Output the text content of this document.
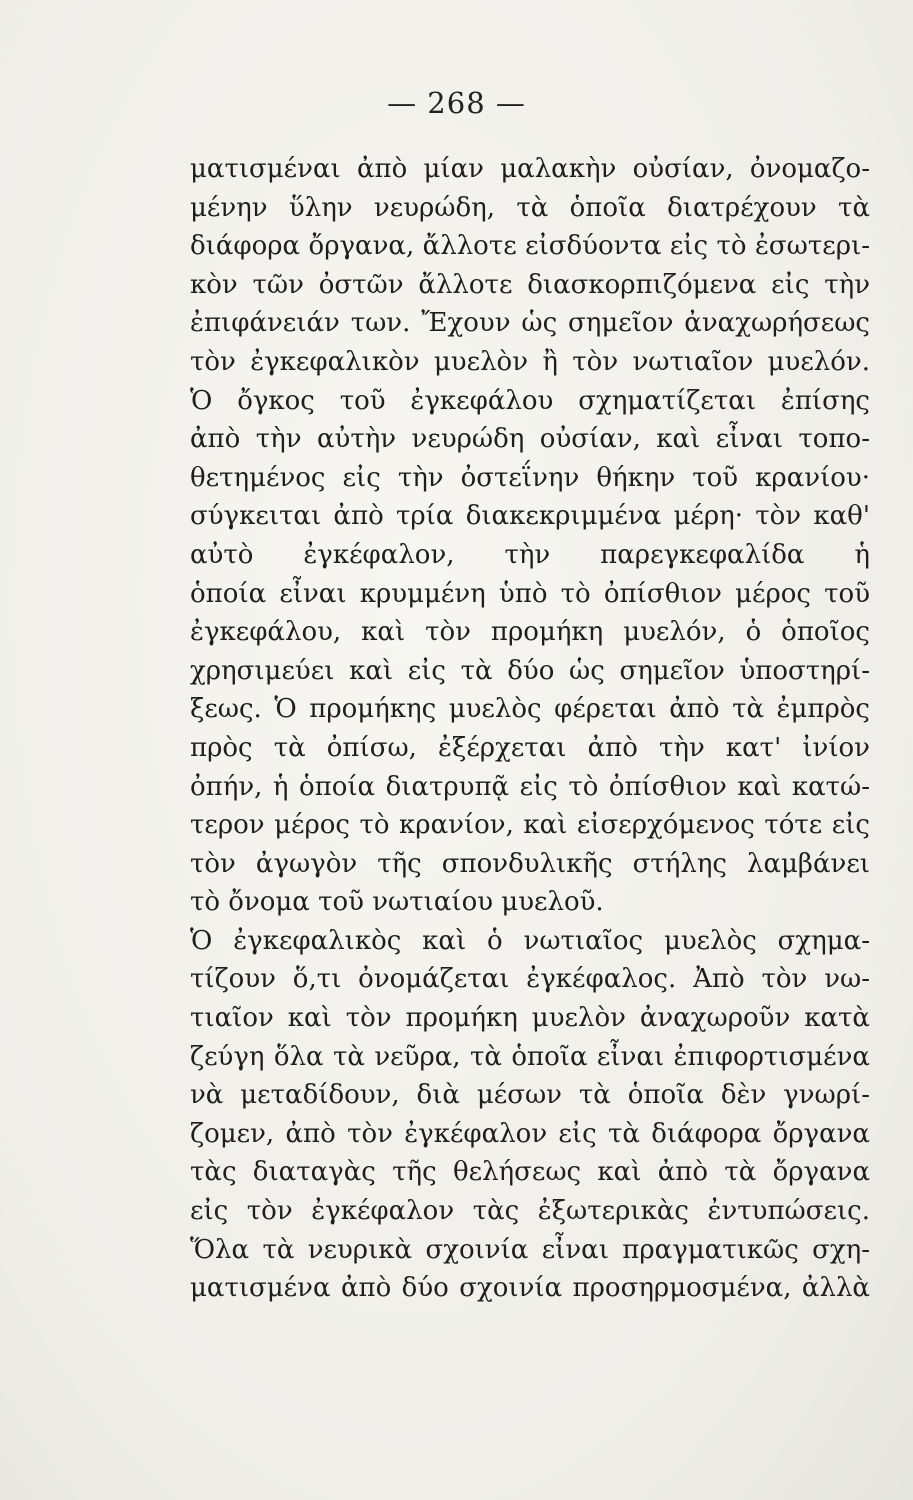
— 268 —
ματισμέναι ἀπὸ μίαν μαλακὴν οὐσίαν, ὀνομαζο-
μένην ὕλην νευρώδη, τὰ ὁποῖα διατρέχουν τὰ
διάφορα ὄργανα, ἄλλοτε εἰσδύοντα εἰς τὸ ἐσωτερι-
κὸν τῶν ὀστῶν ἄλλοτε διασκορπιζόμενα εἰς τὴν
ἐπιφάνειάν των. Ἔχουν ὡς σημεῖον ἀναχωρήσεως
τὸν ἐγκεφαλικὸν μυελὸν ἢ τὸν νωτιαῖον μυελόν.
Ὁ ὄγκος τοῦ ἐγκεφάλου σχηματίζεται ἐπίσης
ἀπὸ τὴν αὐτὴν νευρώδη οὐσίαν, καὶ εἶναι τοπο-
θετημένος εἰς τὴν ὀστεΐνην θήκην τοῦ κρανίου·
σύγκειται ἀπὸ τρία διακεκριμμένα μέρη· τὸν καθ'
αὐτὸ ἐγκέφαλον, τὴν παρεγκεφαλίδα ἡ
ὁποία εἶναι κρυμμένη ὑπὸ τὸ ὀπίσθιον μέρος τοῦ
ἐγκεφάλου, καὶ τὸν προμήκη μυελόν, ὁ ὁποῖος
χρησιμεύει καὶ εἰς τὰ δύο ὡς σημεῖον ὑποστηρί-
ξεως. Ὁ προμήκης μυελὸς φέρεται ἀπὸ τὰ ἐμπρὸς
πρὸς τὰ ὀπίσω, ἐξέρχεται ἀπὸ τὴν κατ' ἰνίον
ὀπήν, ἡ ὁποία διατρυπᾷ εἰς τὸ ὀπίσθιον καὶ κατώ-
τερον μέρος τὸ κρανίον, καὶ εἰσερχόμενος τότε εἰς
τὸν ἀγωγὸν τῆς σπονδυλικῆς στήλης λαμβάνει
τὸ ὄνομα τοῦ νωτιαίου μυελοῦ.
Ὁ ἐγκεφαλικὸς καὶ ὁ νωτιαῖος μυελὸς σχημα-
τίζουν ὅ,τι ὀνομάζεται ἐγκέφαλος. Ἀπὸ τὸν νω-
τιαῖον καὶ τὸν προμήκη μυελὸν ἀναχωροῦν κατὰ
ζεύγη ὅλα τὰ νεῦρα, τὰ ὁποῖα εἶναι ἐπιφορτισμένα
νὰ μεταδίδουν, διὰ μέσων τὰ ὁποῖα δὲν γνωρί-
ζομεν, ἀπὸ τὸν ἐγκέφαλον εἰς τὰ διάφορα ὄργανα
τὰς διαταγὰς τῆς θελήσεως καὶ ἀπὸ τὰ ὄργανα
εἰς τὸν ἐγκέφαλον τὰς ἐξωτερικὰς ἐντυπώσεις.
Ὅλα τὰ νευρικὰ σχοινία εἶναι πραγματικῶς σχη-
ματισμένα ἀπὸ δύο σχοινία προσηρμοσμένα, ἀλλὰ
